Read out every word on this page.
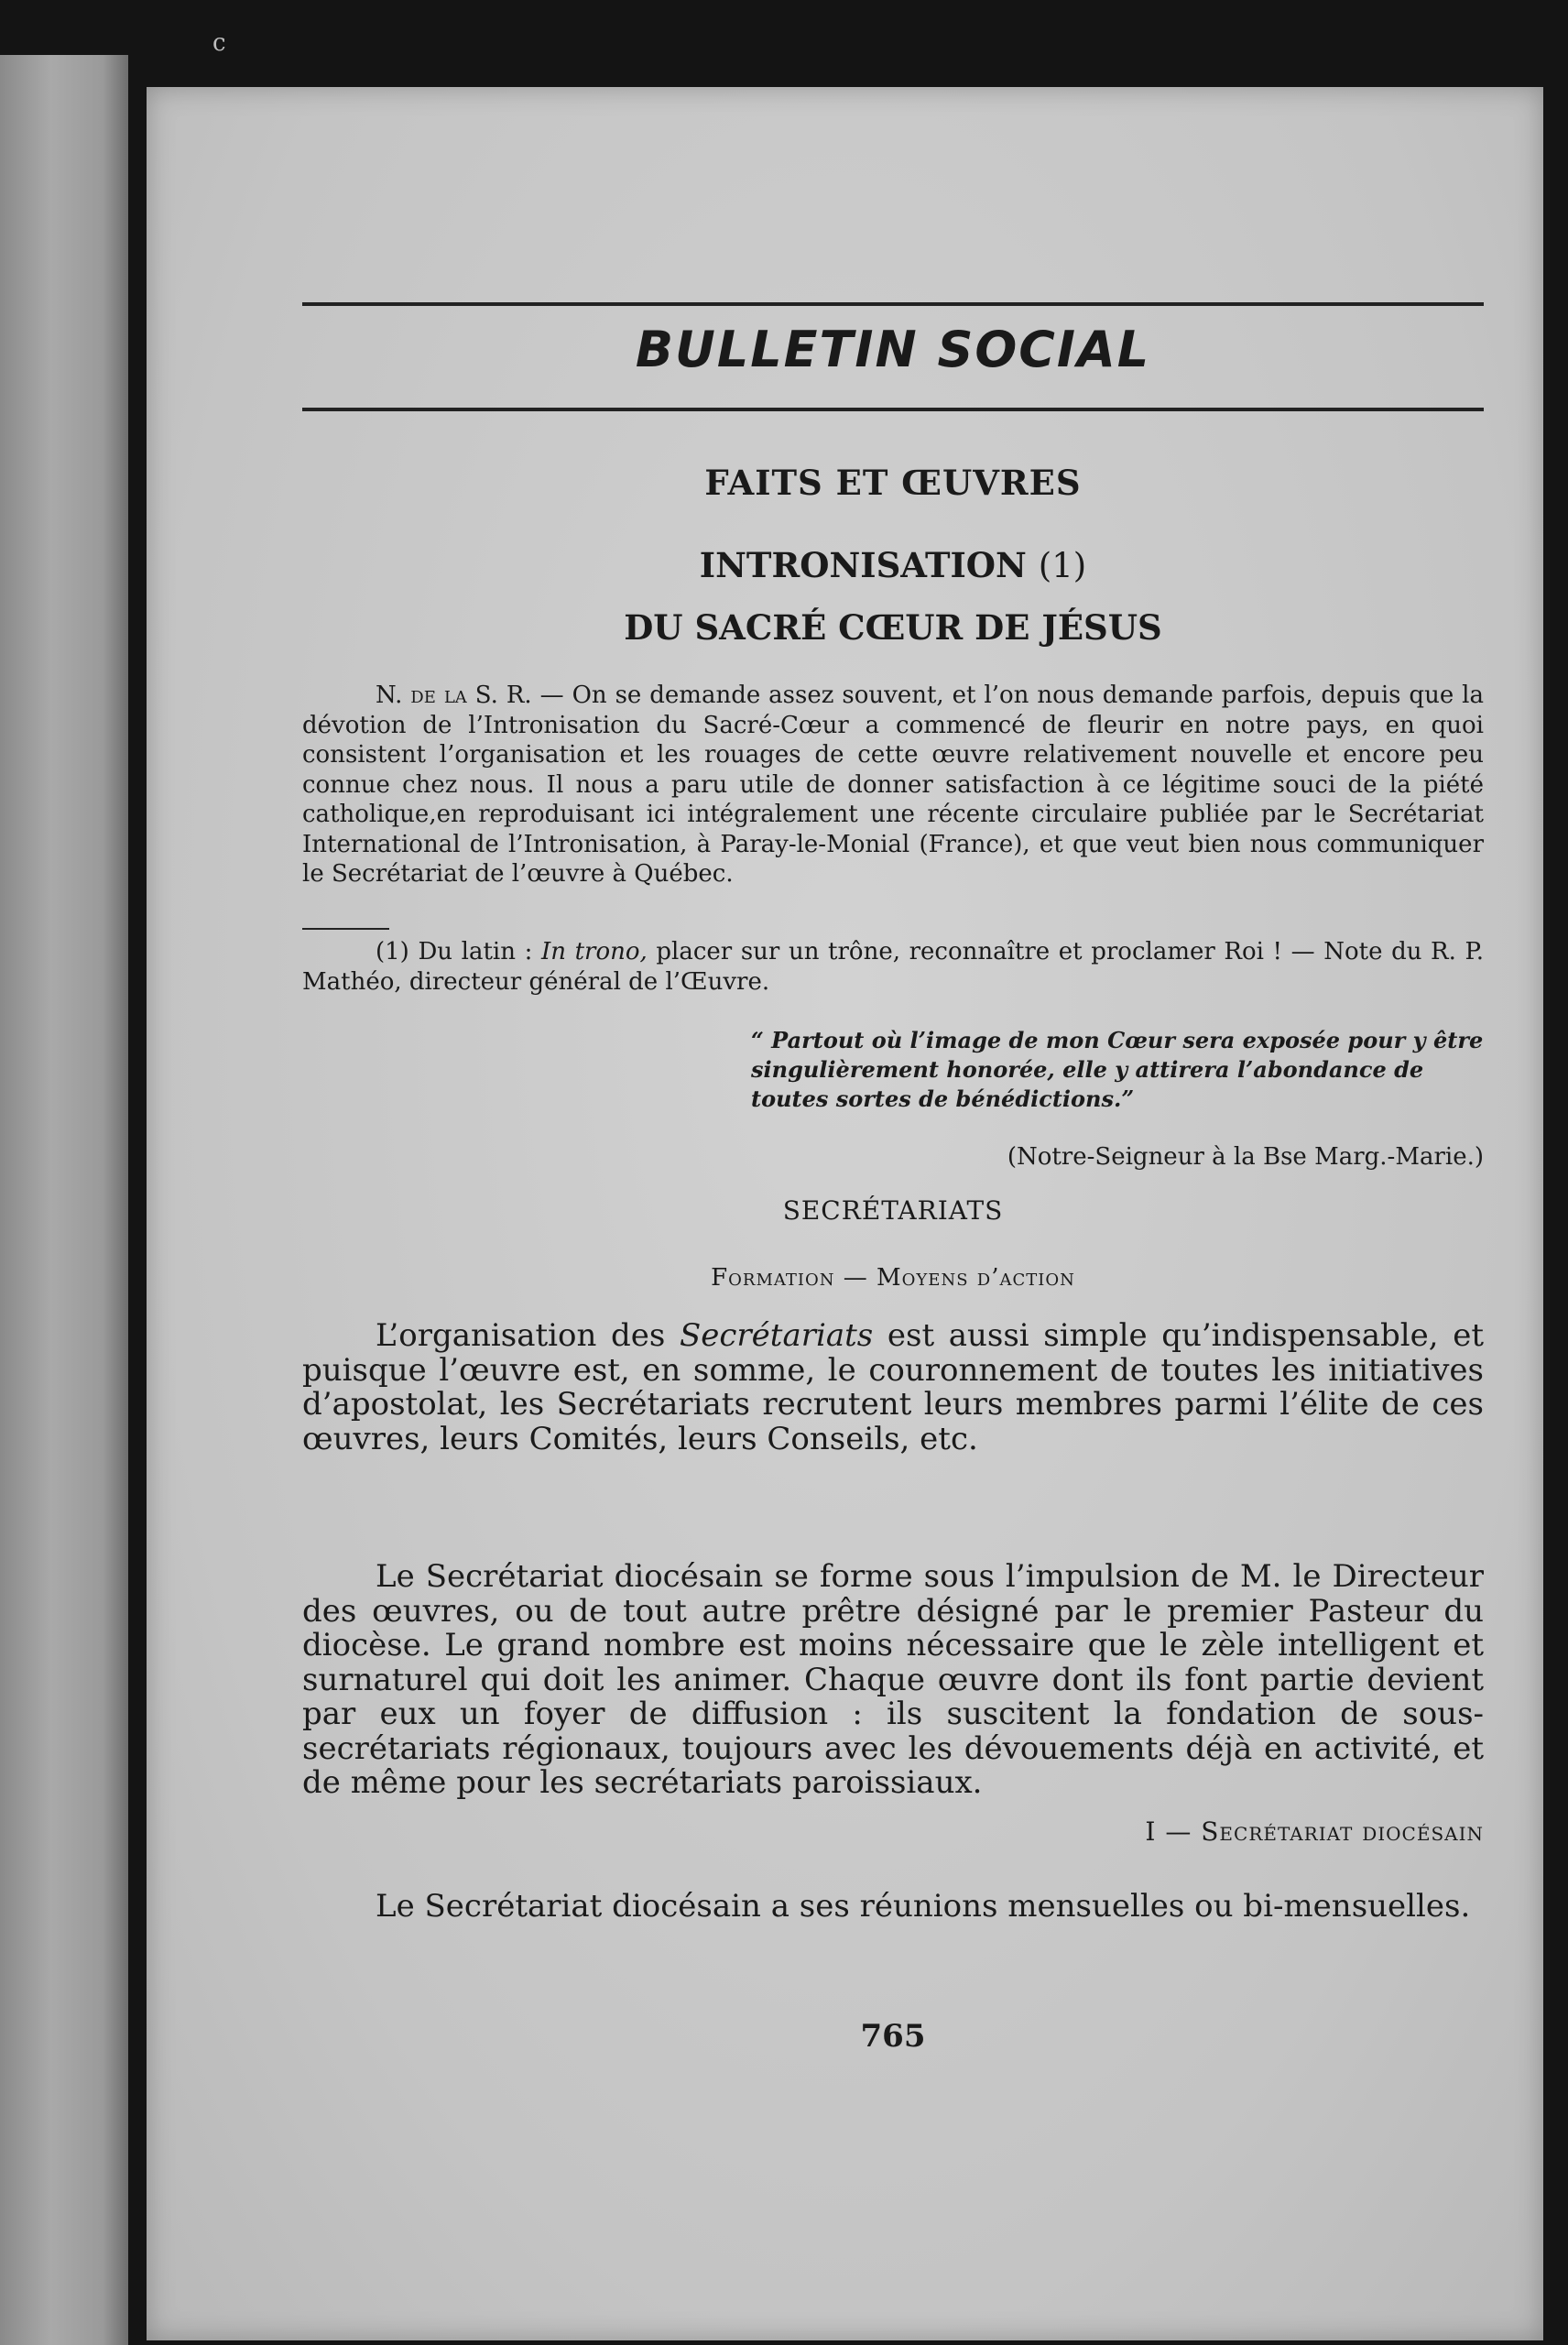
c
BULLETIN SOCIAL
FAITS ET ŒUVRES
INTRONISATION (1)
DU SACRÉ CŒUR DE JÉSUS
N. de la S. R. — On se demande assez souvent, et l’on nous demande parfois, depuis que la dévotion de l’Intronisation du Sacré-Cœur a commencé de fleurir en notre pays, en quoi consistent l’organisation et les rouages de cette œuvre relativement nouvelle et encore peu connue chez nous. Il nous a paru utile de donner satisfaction à ce légitime souci de la piété catholique,en reproduisant ici intégralement une récente circulaire publiée par le Secrétariat International de l’Intronisation, à Paray-le-Monial (France), et que veut bien nous communiquer le Secrétariat de l’œuvre à Québec.
(1) Du latin : In trono, placer sur un trône, reconnaître et proclamer Roi ! — Note du R. P. Mathéo, directeur général de l’Œuvre.
“ Partout où l’image de mon Cœur sera exposée pour y être singulièrement honorée, elle y attirera l’abondance de toutes sortes de bénédictions.”
(Notre-Seigneur à la Bse Marg.-Marie.)
SECRÉTARIATS
Formation — Moyens d’action
L’organisation des Secrétariats est aussi simple qu’indispensable, et puisque l’œuvre est, en somme, le couronnement de toutes les initiatives d’apostolat, les Secrétariats recrutent leurs membres parmi l’élite de ces œuvres, leurs Comités, leurs Conseils, etc.
Le Secrétariat diocésain se forme sous l’impulsion de M. le Directeur des œuvres, ou de tout autre prêtre désigné par le premier Pasteur du diocèse. Le grand nombre est moins nécessaire que le zèle intelligent et surnaturel qui doit les animer. Chaque œuvre dont ils font partie devient par eux un foyer de diffusion : ils suscitent la fondation de sous-secrétariats régionaux, toujours avec les dévouements déjà en activité, et de même pour les secrétariats paroissiaux.
I — Secrétariat diocésain
Le Secrétariat diocésain a ses réunions mensuelles ou bi-mensuelles.
765
